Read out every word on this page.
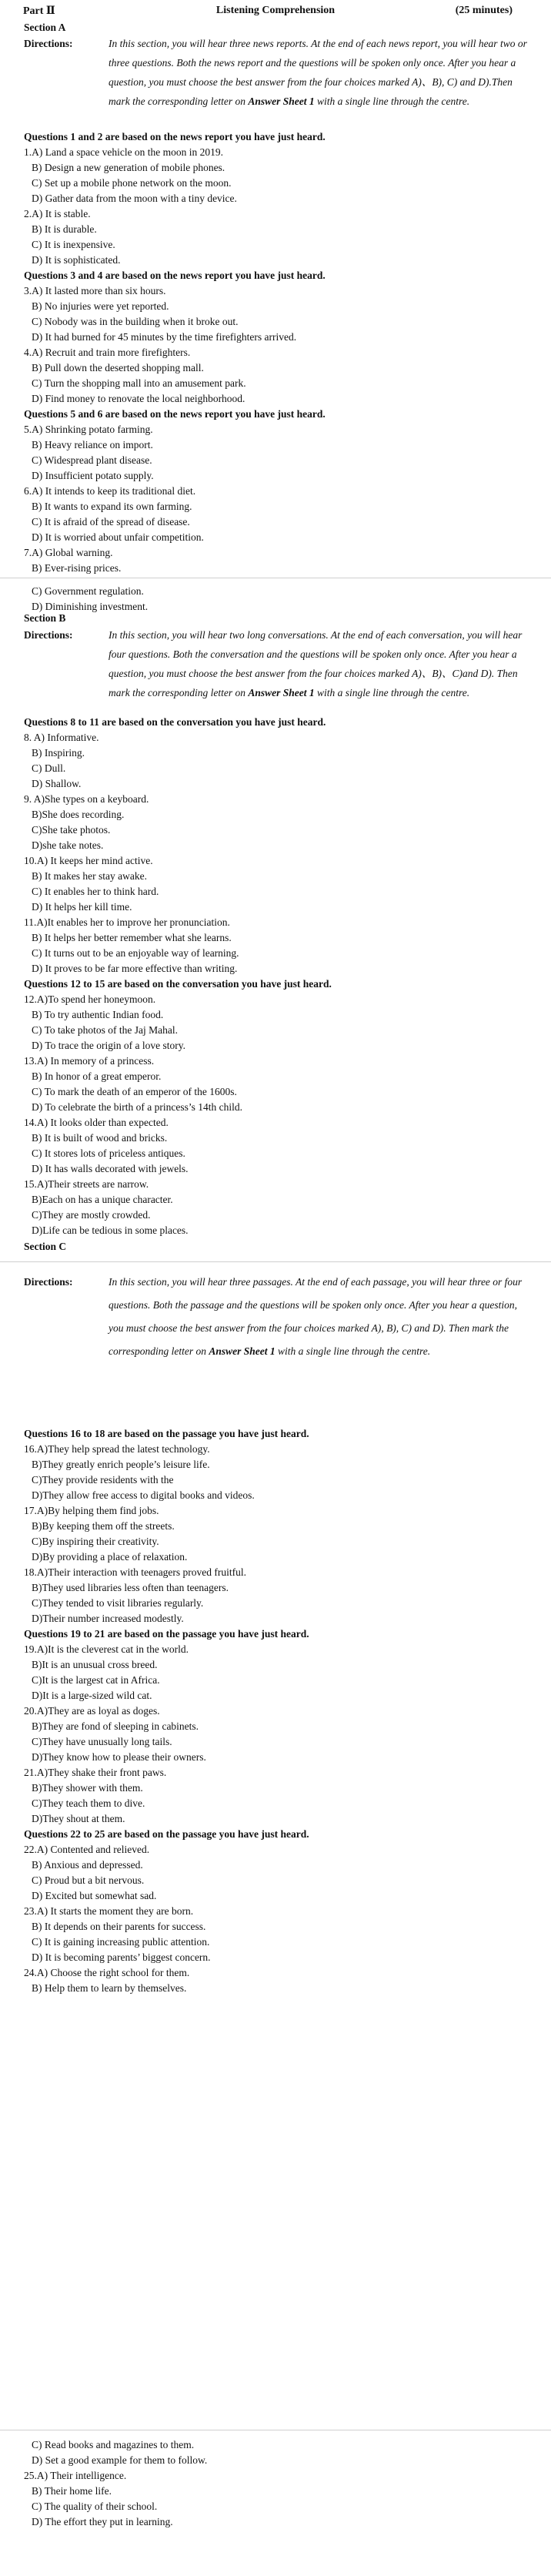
Part Ⅱ	Listening Comprehension	(25 minutes)
Section A
Directions:	In this section, you will hear three news reports. At the end of each news report, you will hear two or three questions. Both the news report and the questions will be spoken only once. After you hear a question, you must choose the best answer from the four choices marked A)、B), C) and D).Then mark the corresponding letter on Answer Sheet 1 with a single line through the centre.
Questions 1 and 2 are based on the news report you have just heard.
1.A) Land a space vehicle on the moon in 2019.
B) Design a new generation of mobile phones.
C) Set up a mobile phone network on the moon.
D) Gather data from the moon with a tiny device.
2.A) It is stable.
B) It is durable.
C) It is inexpensive.
D) It is sophisticated.
Questions 3 and 4 are based on the news report you have just heard.
3.A) It lasted more than six hours.
B) No injuries were yet reported.
C) Nobody was in the building when it broke out.
D) It had burned for 45 minutes by the time firefighters arrived.
4.A) Recruit and train more firefighters.
B) Pull down the deserted shopping mall.
C) Turn the shopping mall into an amusement park.
D) Find money to renovate the local neighborhood.
Questions 5 and 6 are based on the news report you have just heard.
5.A) Shrinking potato farming.
B) Heavy reliance on import.
C) Widespread plant disease.
D) Insufficient potato supply.
6.A) It intends to keep its traditional diet.
B) It wants to expand its own farming.
C) It is afraid of the spread of disease.
D) It is worried about unfair competition.
7.A) Global warning.
B) Ever-rising prices.
C) Government regulation.
D) Diminishing investment.
Section B
Directions:	In this section, you will hear two long conversations. At the end of each conversation, you will hear four questions. Both the conversation and the questions will be spoken only once. After you hear a question, you must choose the best answer from the four choices marked A)、B)、C)and D). Then mark the corresponding letter on Answer Sheet 1 with a single line through the centre.
Questions 8 to 11 are based on the conversation you have just heard.
8. A) Informative.
B) Inspiring.
C) Dull.
D) Shallow.
9. A)She types on a keyboard.
B)She does recording.
C)She take photos.
D)she take notes.
10.A) It keeps her mind active.
B) It makes her stay awake.
C) It enables her to think hard.
D) It helps her kill time.
11.A)It enables her to improve her pronunciation.
B) It helps her better remember what she learns.
C) It turns out to be an enjoyable way of learning.
D) It proves to be far more effective than writing.
Questions 12 to 15 are based on the conversation you have just heard.
12.A)To spend her honeymoon.
B) To try authentic Indian food.
C) To take photos of the Jaj Mahal.
D) To trace the origin of a love story.
13.A) In memory of a princess.
B) In honor of a great emperor.
C) To mark the death of an emperor of the 1600s.
D) To celebrate the birth of a princess’s 14th child.
14.A) It looks older than expected.
B) It is built of wood and bricks.
C) It stores lots of priceless antiques.
D) It has walls decorated with jewels.
15.A)Their streets are narrow.
B)Each on has a unique character.
C)They are mostly crowded.
D)Life can be tedious in some places.
Section C
Directions:	In this section, you will hear three passages. At the end of each passage, you will hear three or four questions. Both the passage and the questions will be spoken only once. After you hear a question, you must choose the best answer from the four choices marked A), B), C) and D). Then mark the corresponding letter on Answer Sheet 1 with a single line through the centre.
Questions 16 to 18 are based on the passage you have just heard.
16.A)They help spread the latest technology.
B)They greatly enrich people’s leisure life.
C)They provide residents with the
D)They allow free access to digital books and videos.
17.A)By helping them find jobs.
B)By keeping them off the streets.
C)By inspiring their creativity.
D)By providing a place of relaxation.
18.A)Their interaction with teenagers proved fruitful.
B)They used libraries less often than teenagers.
C)They tended to visit libraries regularly.
D)Their number increased modestly.
Questions 19 to 21 are based on the passage you have just heard.
19.A)It is the cleverest cat in the world.
B)It is an unusual cross breed.
C)It is the largest cat in Africa.
D)It is a large-sized wild cat.
20.A)They are as loyal as doges.
B)They are fond of sleeping in cabinets.
C)They have unusually long tails.
D)They know how to please their owners.
21.A)They shake their front paws.
B)They shower with them.
C)They teach them to dive.
D)They shout at them.
Questions 22 to 25 are based on the passage you have just heard.
22.A) Contented and relieved.
B) Anxious and depressed.
C) Proud but a bit nervous.
D) Excited but somewhat sad.
23.A) It starts the moment they are born.
B) It depends on their parents for success.
C) It is gaining increasing public attention.
D) It is becoming parents’ biggest concern.
24.A) Choose the right school for them.
B) Help them to learn by themselves.
C) Read books and magazines to them.
D) Set a good example for them to follow.
25.A) Their intelligence.
B) Their home life.
C) The quality of their school.
D) The effort they put in learning.
